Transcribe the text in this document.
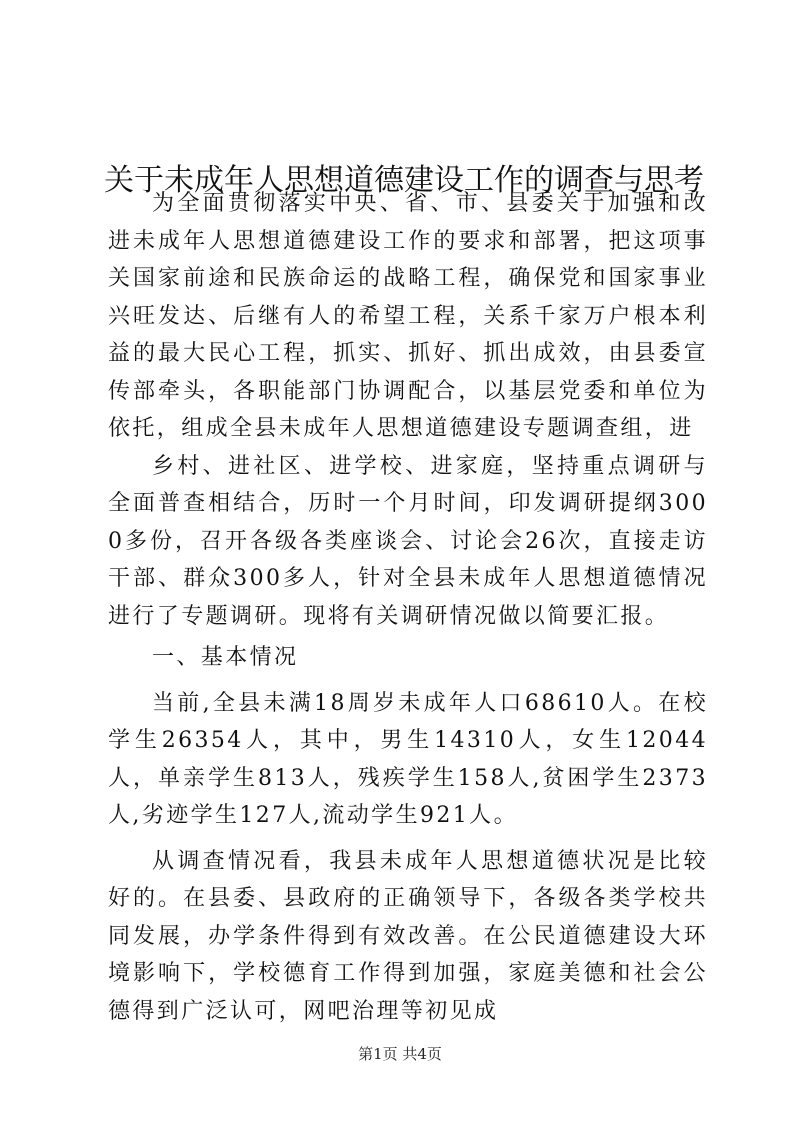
关于未成年人思想道德建设工作的调查与思考

为全面贯彻落实中央、省、市、县委关于加强和改进未成年人思想道德建设工作的要求和部署，把这项事关国家前途和民族命运的战略工程，确保党和国家事业兴旺发达、后继有人的希望工程，关系千家万户根本利益的最大民心工程，抓实、抓好、抓出成效，由县委宣传部牵头，各职能部门协调配合，以基层党委和单位为依托，组成全县未成年人思想道德建设专题调查组，进

乡村、进社区、进学校、进家庭，坚持重点调研与全面普查相结合，历时一个月时间，印发调研提纲3000多份，召开各级各类座谈会、讨论会26次，直接走访干部、群众300多人，针对全县未成年人思想道德情况进行了专题调研。现将有关调研情况做以简要汇报。

一、基本情况

当前,全县未满18周岁未成年人口68610人。在校学生26354人，其中，男生14310人，女生12044人，单亲学生813人，残疾学生158人,贫困学生2373人,劣迹学生127人,流动学生921人。

从调查情况看，我县未成年人思想道德状况是比较好的。在县委、县政府的正确领导下，各级各类学校共同发展，办学条件得到有效改善。在公民道德建设大环境影响下，学校德育工作得到加强，家庭美德和社会公德得到广泛认可，网吧治理等初见成

第1页 共4页
